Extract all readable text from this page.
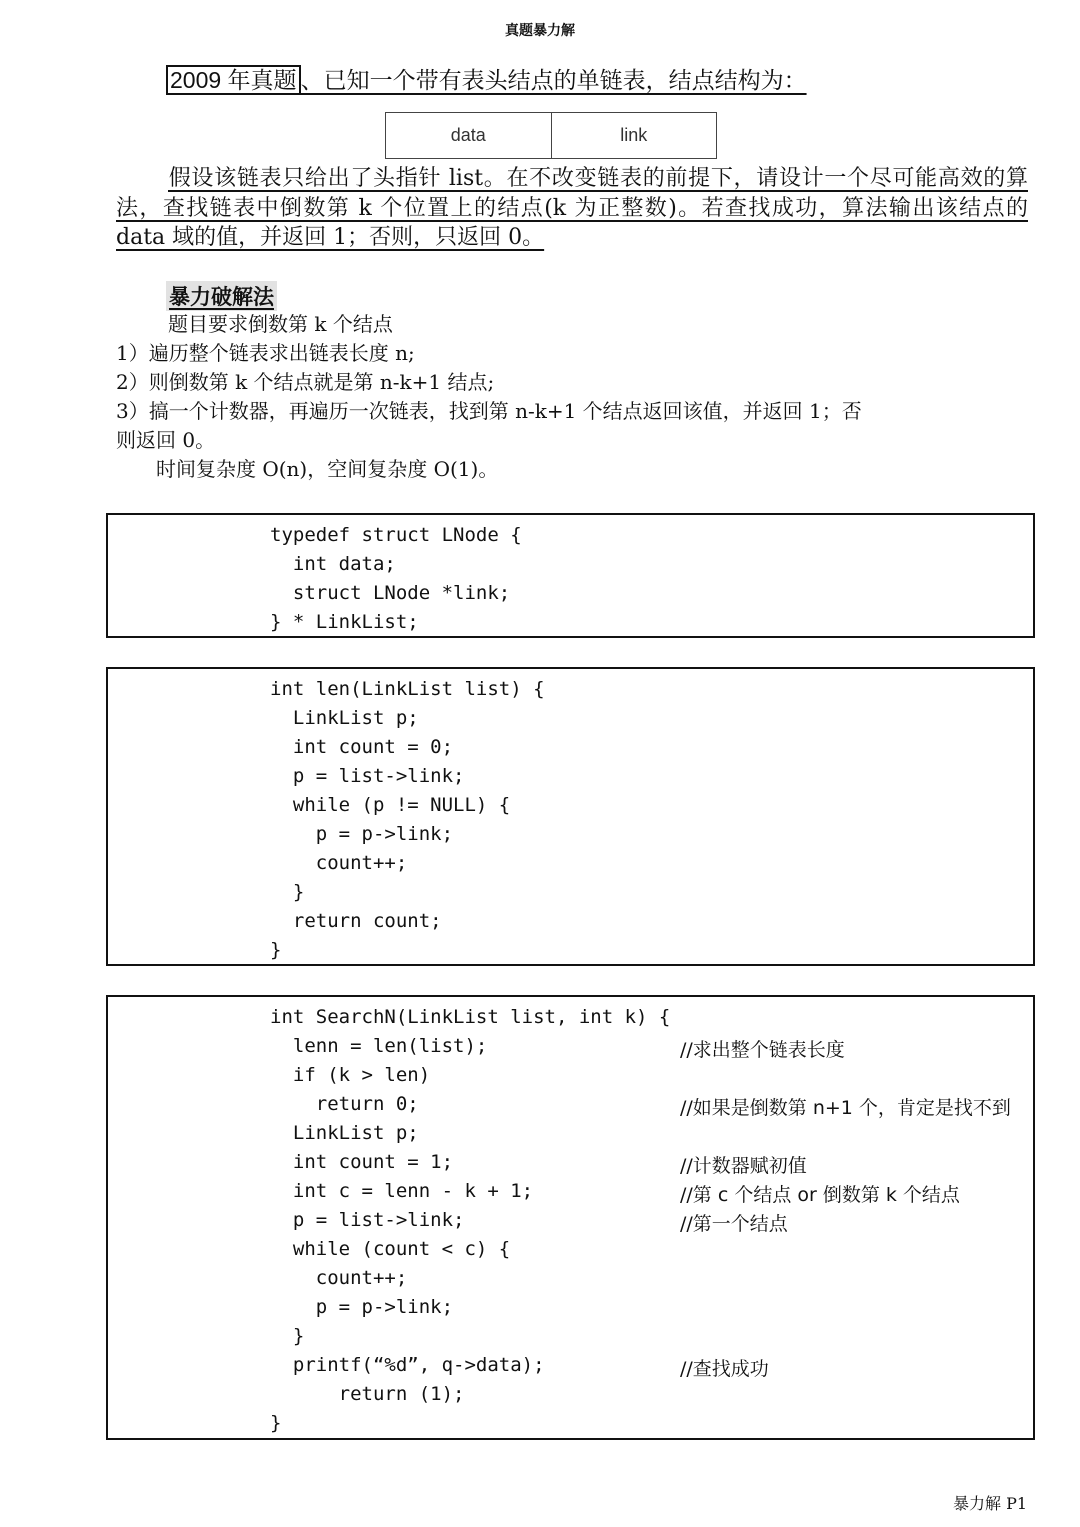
真题暴力解
2009 年真题 、已知一个带有表头结点的单链表，结点结构为：
data	link
假设该链表只给出了头指针 list。在不改变链表的前提下，请设计一个尽可能高效的算法，查找链表中倒数第 k 个位置上的结点(k 为正整数)。若查找成功，算法输出该结点的 data 域的值，并返回 1；否则，只返回 0。
暴力破解法
题目要求倒数第 k 个结点
1）遍历整个链表求出链表长度 n;
2）则倒数第 k 个结点就是第 n-k+1 结点;
3）搞一个计数器，再遍历一次链表，找到第 n-k+1 个结点返回该值，并返回 1；否
则返回 0。
时间复杂度 O(n)，空间复杂度 O(1)。
typedef struct LNode {
int data;
struct LNode *link;
} * LinkList;
int len(LinkList list) {
LinkList p;
int count = 0;
p = list->link;
while (p != NULL) {
p = p->link;
count++;
}
return count;
}
int SearchN(LinkList list, int k) {
lenn = len(list);	//求出整个链表长度
if (k > len)
return 0;	//如果是倒数第 n+1 个，肯定是找不到
LinkList p;
int count = 1;	//计数器赋初值
int c = lenn - k + 1;	//第 c 个结点 or 倒数第 k 个结点
p = list->link;	//第一个结点
while (count < c) {
count++;
p = p->link;
}
printf(“%d”, q->data);	//查找成功
return (1);
}
暴力解 P1
